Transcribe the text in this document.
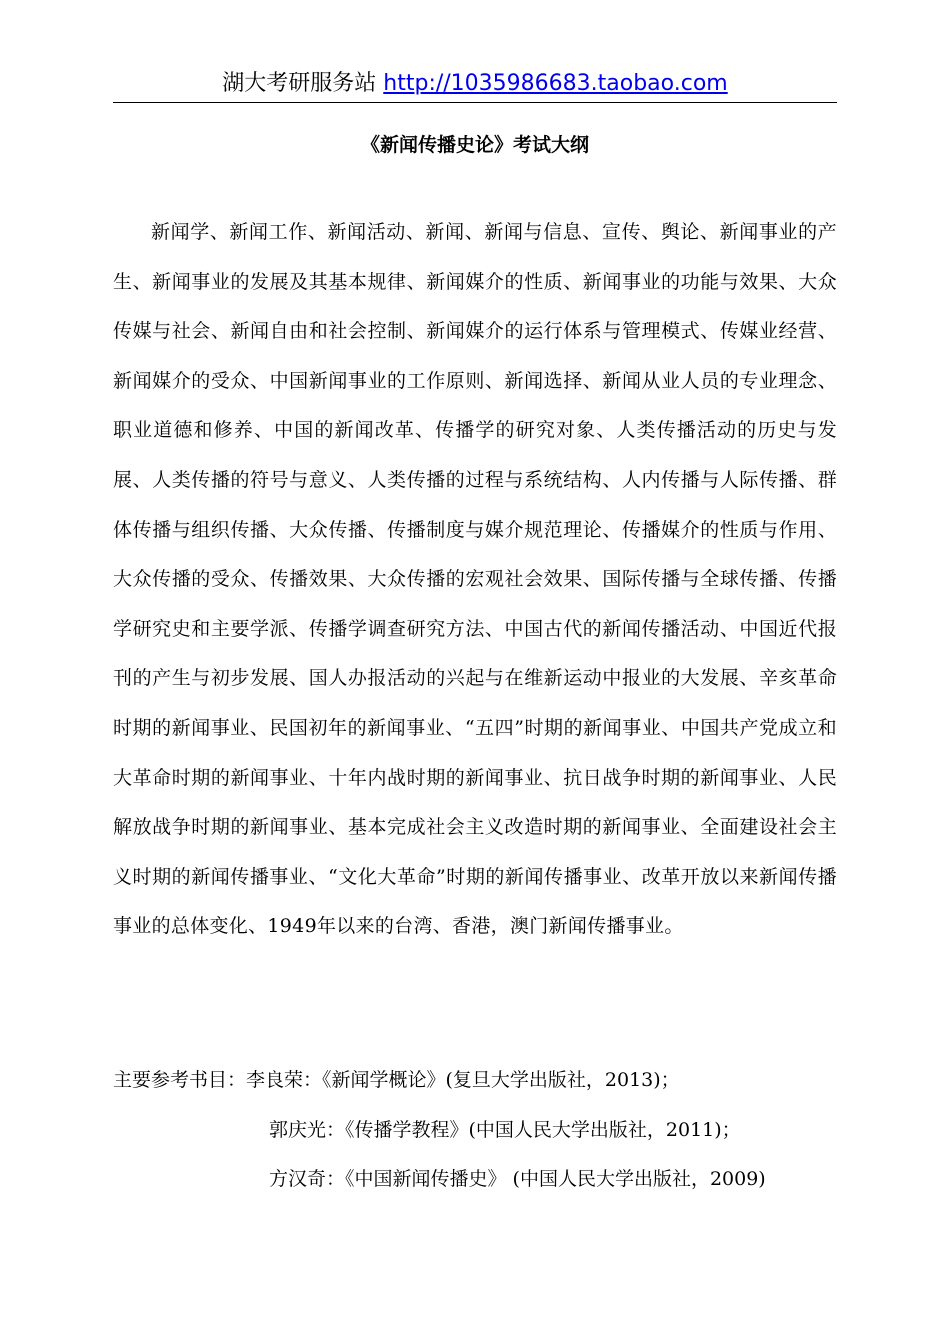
湖大考研服务站 http://1035986683.taobao.com
《新闻传播史论》考试大纲
新闻学、新闻工作、新闻活动、新闻、新闻与信息、宣传、舆论、新闻事业的产生、新闻事业的发展及其基本规律、新闻媒介的性质、新闻事业的功能与效果、大众传媒与社会、新闻自由和社会控制、新闻媒介的运行体系与管理模式、传媒业经营、新闻媒介的受众、中国新闻事业的工作原则、新闻选择、新闻从业人员的专业理念、职业道德和修养、中国的新闻改革、传播学的研究对象、人类传播活动的历史与发展、人类传播的符号与意义、人类传播的过程与系统结构、人内传播与人际传播、群体传播与组织传播、大众传播、传播制度与媒介规范理论、传播媒介的性质与作用、大众传播的受众、传播效果、大众传播的宏观社会效果、国际传播与全球传播、传播学研究史和主要学派、传播学调查研究方法、中国古代的新闻传播活动、中国近代报刊的产生与初步发展、国人办报活动的兴起与在维新运动中报业的大发展、辛亥革命时期的新闻事业、民国初年的新闻事业、“五四”时期的新闻事业、中国共产党成立和大革命时期的新闻事业、十年内战时期的新闻事业、抗日战争时期的新闻事业、人民解放战争时期的新闻事业、基本完成社会主义改造时期的新闻事业、全面建设社会主义时期的新闻传播事业、“文化大革命”时期的新闻传播事业、改革开放以来新闻传播事业的总体变化、1949年以来的台湾、香港，澳门新闻传播事业。
主要参考书目：李良荣：《新闻学概论》(复旦大学出版社，2013)；
郭庆光：《传播学教程》(中国人民大学出版社，2011)；
方汉奇：《中国新闻传播史》 (中国人民大学出版社，2009)
